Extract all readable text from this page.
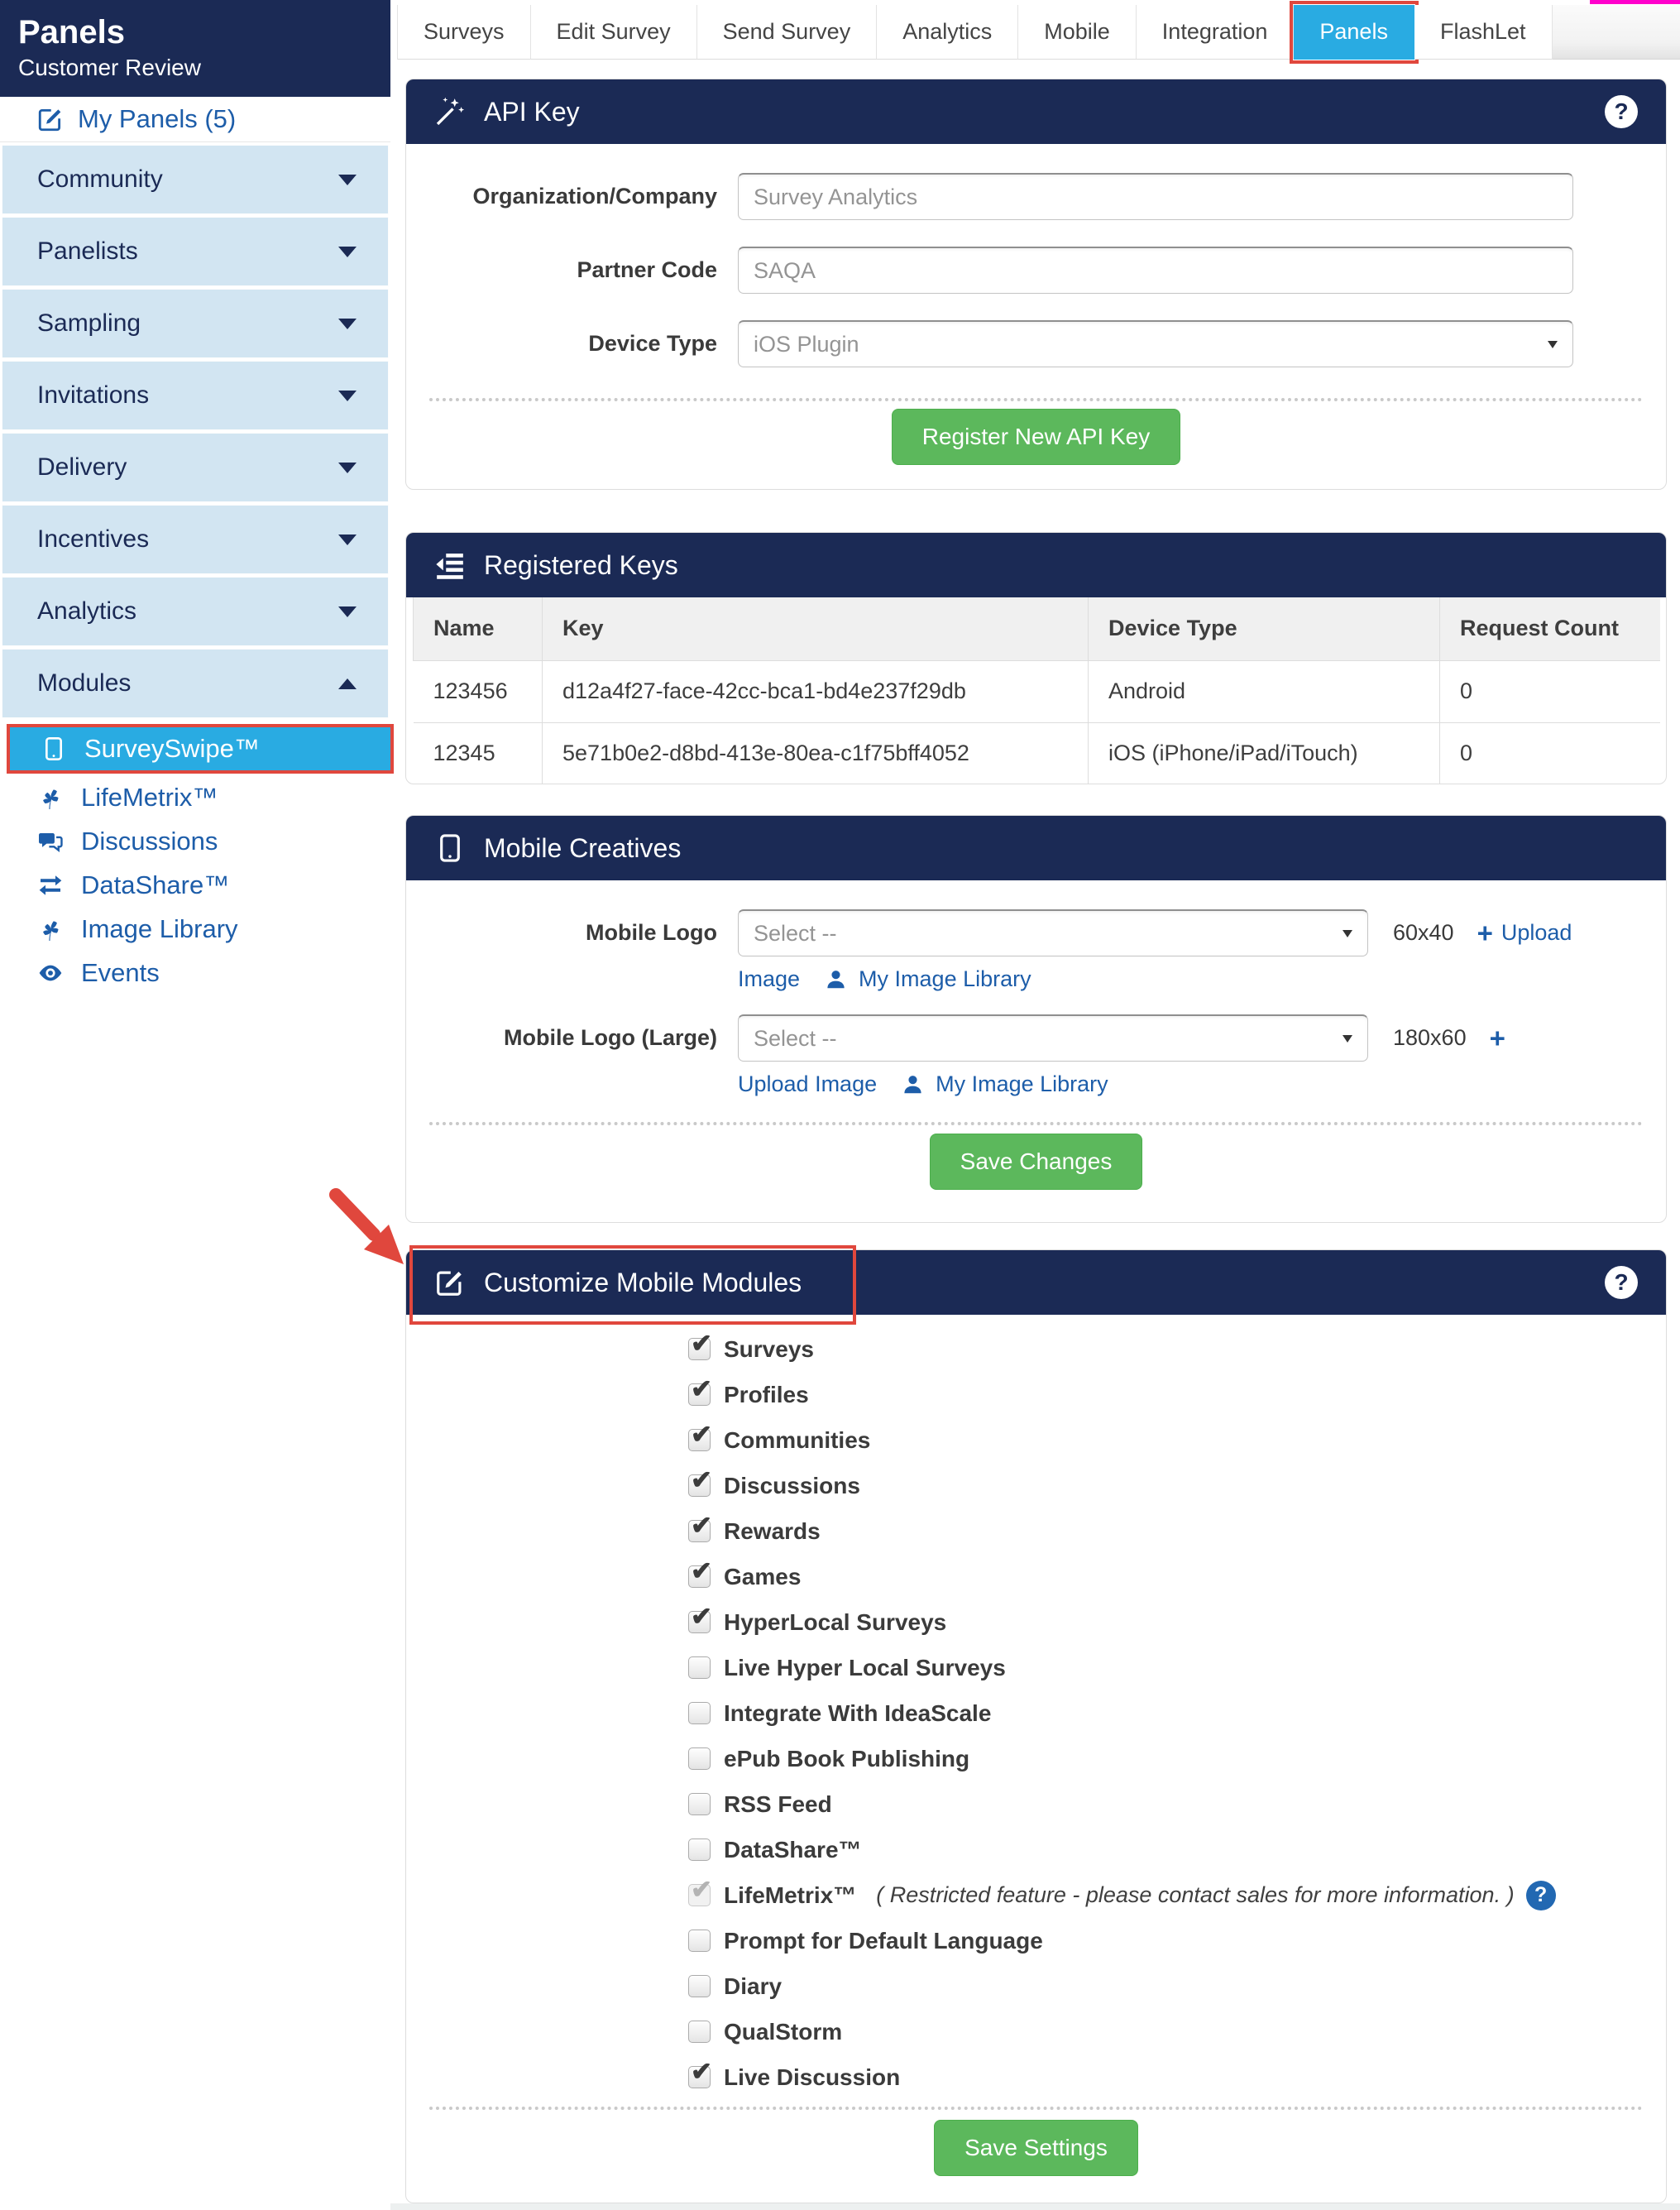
Panels
Customer Review
My Panels (5)
Community
Panelists
Sampling
Invitations
Delivery
Incentives
Analytics
Modules
SurveySwipe™
LifeMetrix™
Discussions
DataShare™
Image Library
Events
Surveys Edit Survey Send Survey Analytics Mobile Integration Panels FlashLet
API Key	?
Organization/Company Survey Analytics
Partner Code SAQA
Device Type iOS Plugin
Register New API Key
Registered Keys
Name	Key	Device Type	Request Count
123456	d12a4f27-face-42cc-bca1-bd4e237f29db	Android	0
12345	5e71b0e2-d8bd-413e-80ea-c1f75bff4052	iOS (iPhone/iPad/iTouch)	0
Mobile Creatives
Mobile Logo Select --	60x40 + Upload
Image	My Image Library
Mobile Logo (Large) Select --	180x60 +
Upload Image	My Image Library
Save Changes
Customize Mobile Modules	?
✔
Surveys
✔
Profiles
✔
Communities
✔
Discussions
✔
Rewards
✔
Games
✔
HyperLocal Surveys
Live Hyper Local Surveys
Integrate With IdeaScale
ePub Book Publishing
RSS Feed
DataShare™
✔
LifeMetrix™ ( Restricted feature - please contact sales for more information. ) ?
Prompt for Default Language
Diary
QualStorm
✔
Live Discussion
Save Settings
